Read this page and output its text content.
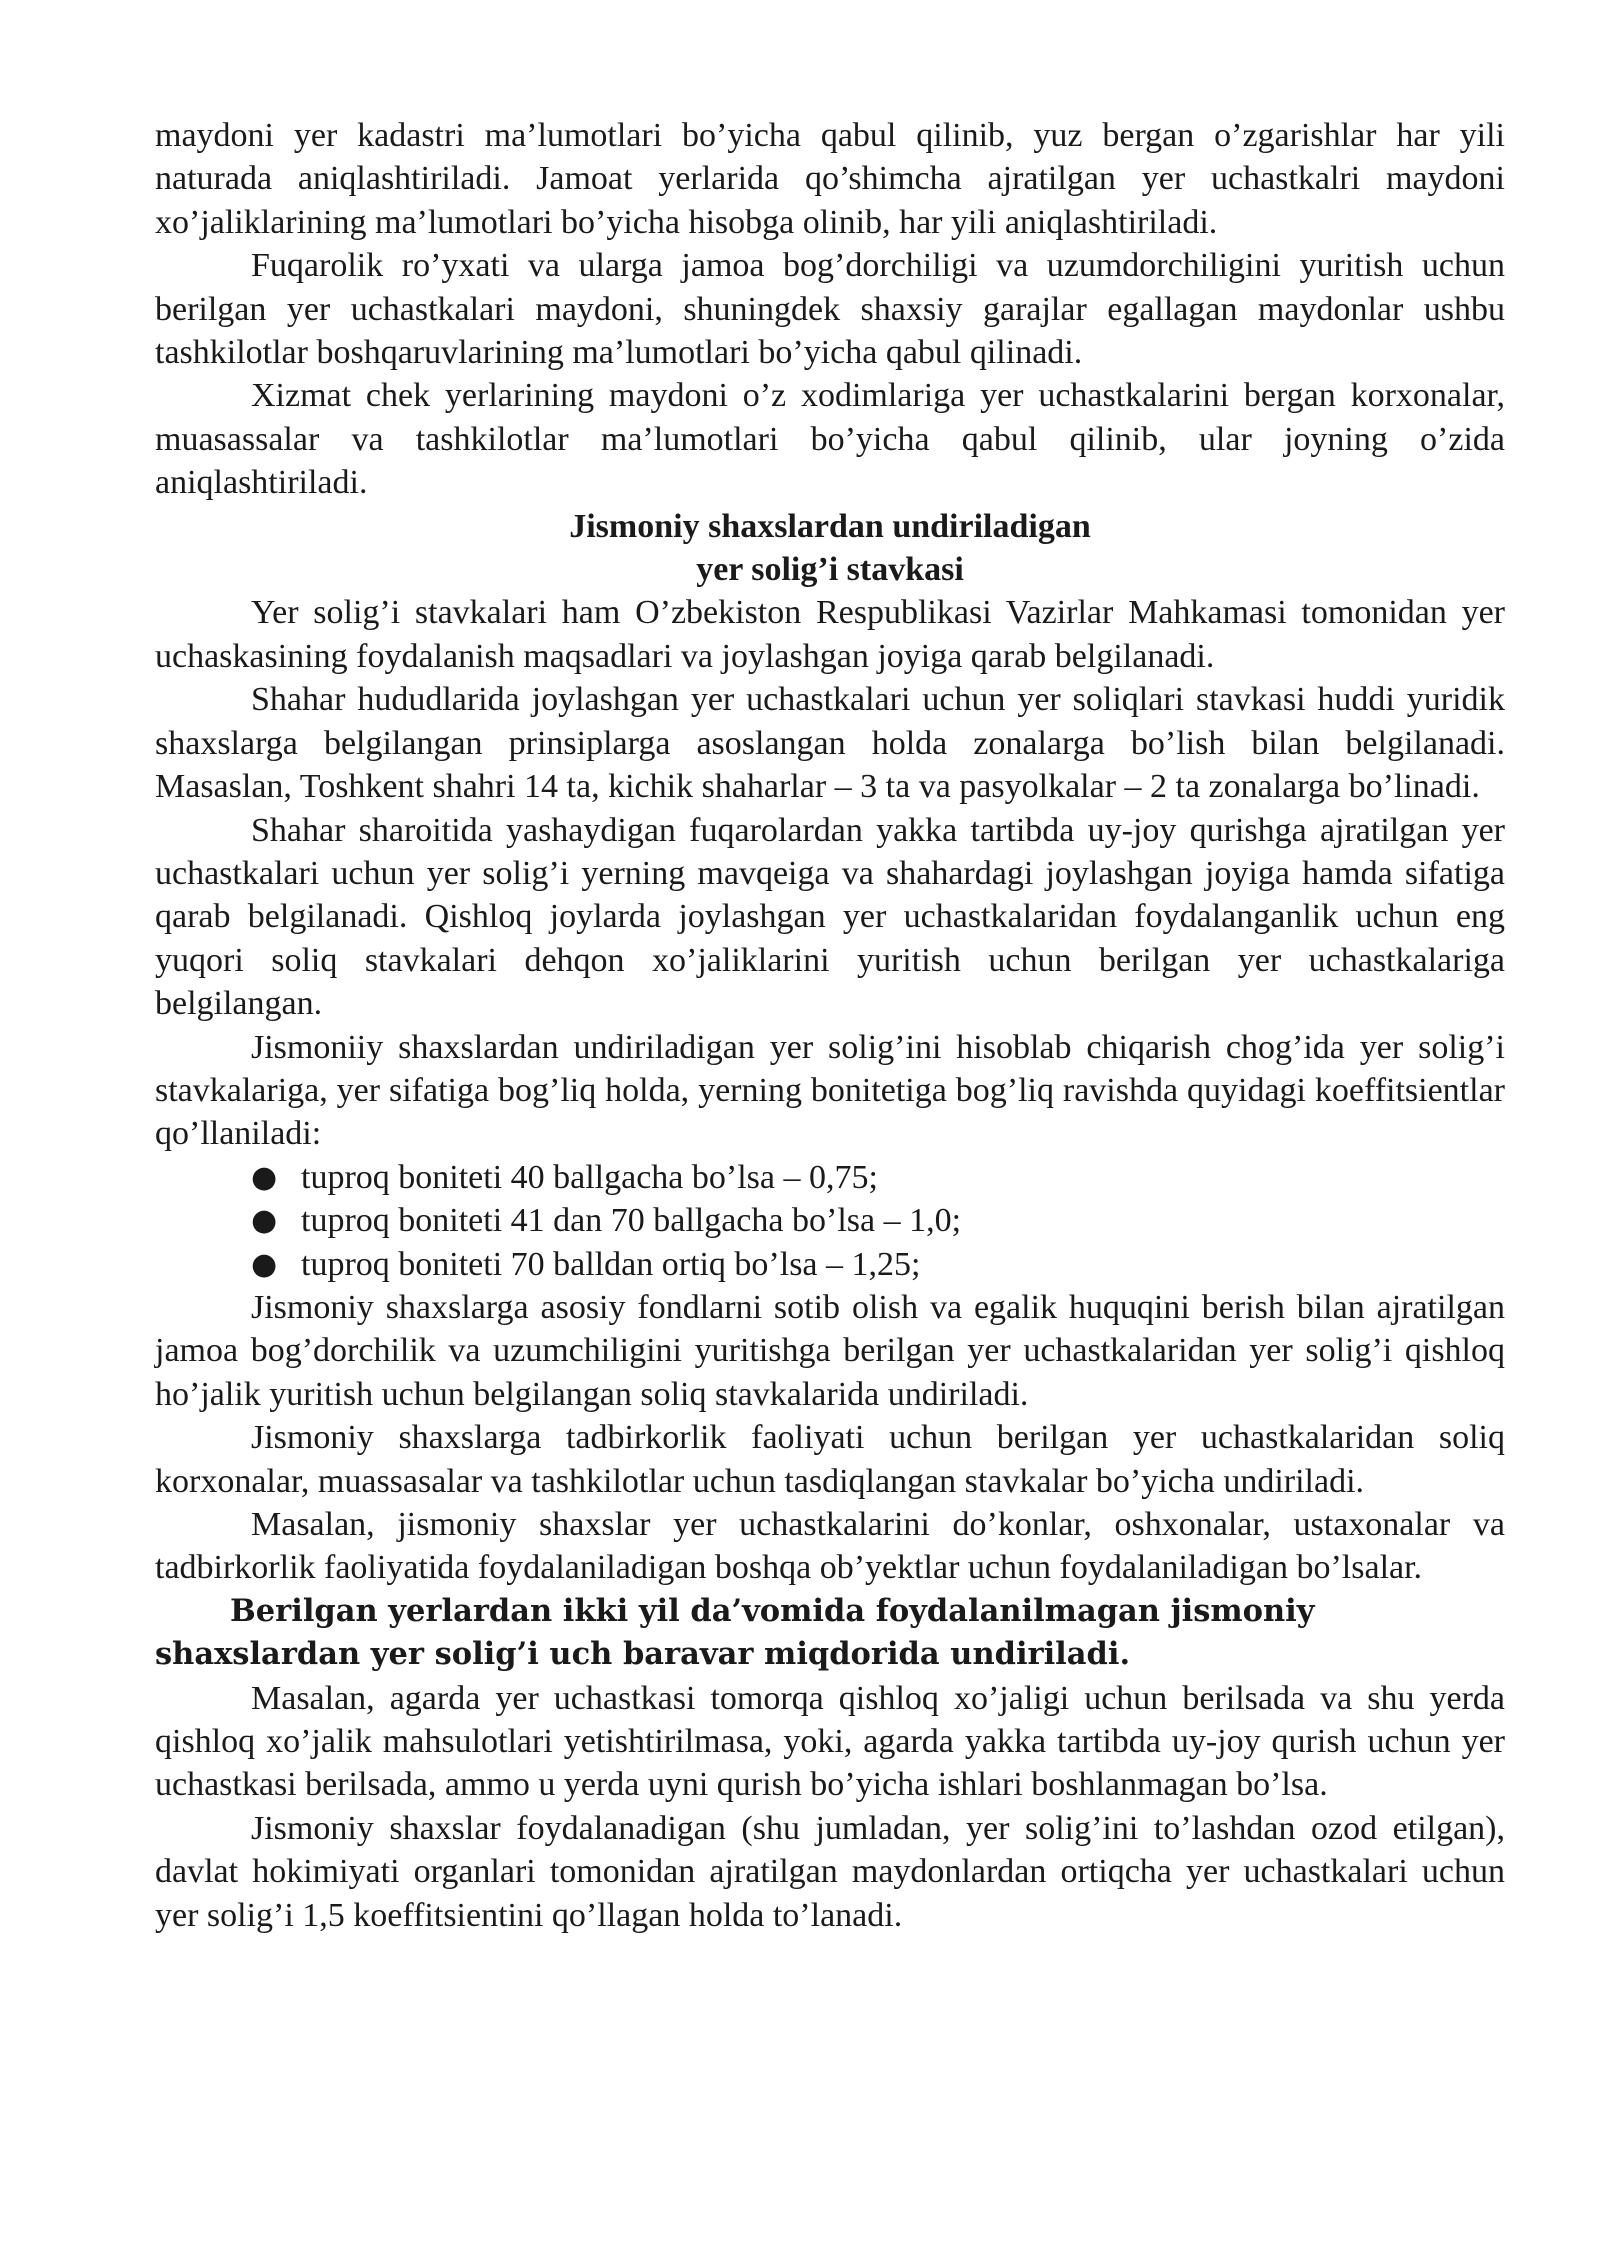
maydoni yer kadastri ma’lumotlari bo’yicha qabul qilinib, yuz bergan o’zgarishlar har yili naturada aniqlashtiriladi. Jamoat yerlarida qo’shimcha ajratilgan yer uchastkalri maydoni xo’jaliklarining ma’lumotlari bo’yicha hisobga olinib, har yili aniqlashtiriladi.

Fuqarolik ro’yxati va ularga jamoa bog’dorchiligi va uzumdorchiligini yuritish uchun berilgan yer uchastkalari maydoni, shuningdek shaxsiy garajlar egallagan maydonlar ushbu tashkilotlar boshqaruvlarining ma’lumotlari bo’yicha qabul qilinadi.

Xizmat chek yerlarining maydoni o’z xodimlariga yer uchastkalarini bergan korxonalar, muasassalar va tashkilotlar ma’lumotlari bo’yicha qabul qilinib, ular joyning o’zida aniqlashtiriladi.

Jismoniy shaxslardan undiriladigan
yer solig’i stavkasi

Yer solig’i stavkalari ham O’zbekiston Respublikasi Vazirlar Mahkamasi tomonidan yer uchaskasining foydalanish maqsadlari va joylashgan joyiga qarab belgilanadi.

Shahar hududlarida joylashgan yer uchastkalari uchun yer soliqlari stavkasi huddi yuridik shaxslarga belgilangan prinsiplarga asoslangan holda zonalarga bo’lish bilan belgilanadi. Masaslan, Toshkent shahri 14 ta, kichik shaharlar – 3 ta va pasyolkalar – 2 ta zonalarga bo’linadi.

Shahar sharoitida yashaydigan fuqarolardan yakka tartibda uy-joy qurishga ajratilgan yer uchastkalari uchun yer solig’i yerning mavqeiga va shahardagi joylashgan joyiga hamda sifatiga qarab belgilanadi. Qishloq joylarda joylashgan yer uchastkalaridan foydalanganlik uchun eng yuqori soliq stavkalari dehqon xo’jaliklarini yuritish uchun berilgan yer uchastkalariga belgilangan.

Jismoniiy shaxslardan undiriladigan yer solig’ini hisoblab chiqarish chog’ida yer solig’i stavkalariga, yer sifatiga bog’liq holda, yerning bonitetiga bog’liq ravishda quyidagi koeffitsientlar qo’llaniladi:

● tuproq boniteti 40 ballgacha bo’lsa – 0,75;
● tuproq boniteti 41 dan 70 ballgacha bo’lsa – 1,0;
● tuproq boniteti 70 balldan ortiq bo’lsa – 1,25;

Jismoniy shaxslarga asosiy fondlarni sotib olish va egalik huquqini berish bilan ajratilgan jamoa bog’dorchilik va uzumchiligini yuritishga berilgan yer uchastkalaridan yer solig’i qishloq ho’jalik yuritish uchun belgilangan soliq stavkalarida undiriladi.

Jismoniy shaxslarga tadbirkorlik faoliyati uchun berilgan yer uchastkalaridan soliq korxonalar, muassasalar va tashkilotlar uchun tasdiqlangan stavkalar bo’yicha undiriladi.

Masalan, jismoniy shaxslar yer uchastkalarini do’konlar, oshxonalar, ustaxonalar va tadbirkorlik faoliyatida foydalaniladigan boshqa ob’yektlar uchun foydalaniladigan bo’lsalar.

Berilgan yerlardan ikki yil da’vomida foydalanilmagan jismoniy
shaxslardan yer solig’i uch baravar miqdorida undiriladi.

Masalan, agarda yer uchastkasi tomorqa qishloq xo’jaligi uchun berilsada va shu yerda qishloq xo’jalik mahsulotlari yetishtirilmasa, yoki, agarda yakka tartibda uy-joy qurish uchun yer uchastkasi berilsada, ammo u yerda uyni qurish bo’yicha ishlari boshlanmagan bo’lsa.

Jismoniy shaxslar foydalanadigan (shu jumladan, yer solig’ini to’lashdan ozod etilgan), davlat hokimiyati organlari tomonidan ajratilgan maydonlardan ortiqcha yer uchastkalari uchun yer solig’i 1,5 koeffitsientini qo’llagan holda to’lanadi.
